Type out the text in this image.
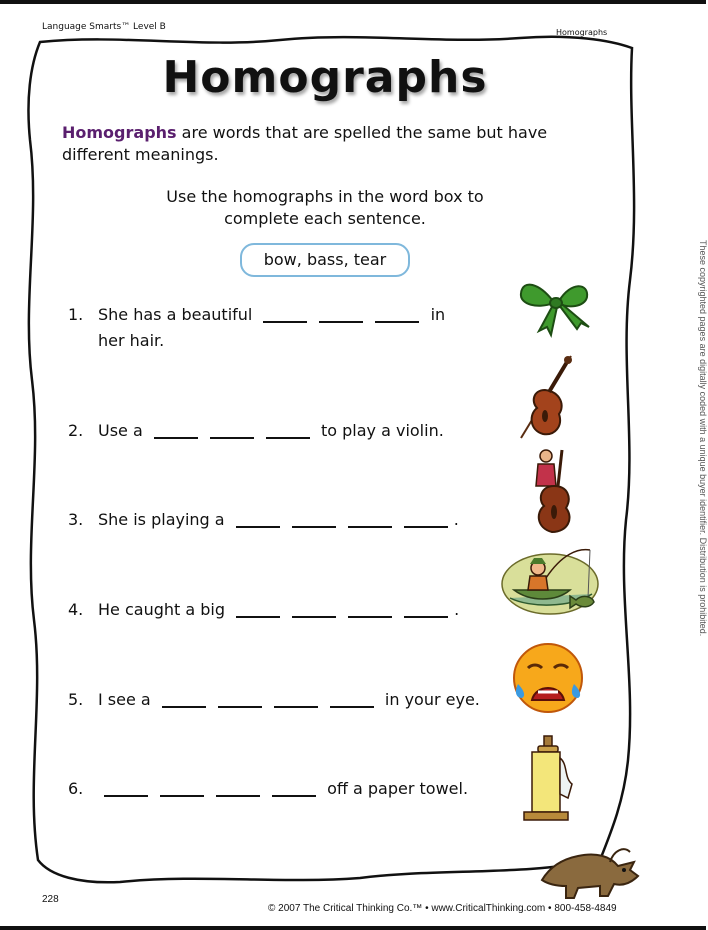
Language Smarts™ Level B
Homographs
Homographs
Homographs are words that are spelled the same but have different meanings.
Use the homographs in the word box to complete each sentence.
bow, bass, tear
1. She has a beautiful	in
her hair.
2. Use a	to play a violin.
3. She is playing a	.
4. He caught a big	.
5. I see a	in your eye.
6.	off a paper towel.
These copyrighted pages are digitally coded with a unique buyer identifier. Distribution is prohibited.
228
© 2007 The Critical Thinking Co.™ • www.CriticalThinking.com • 800-458-4849
